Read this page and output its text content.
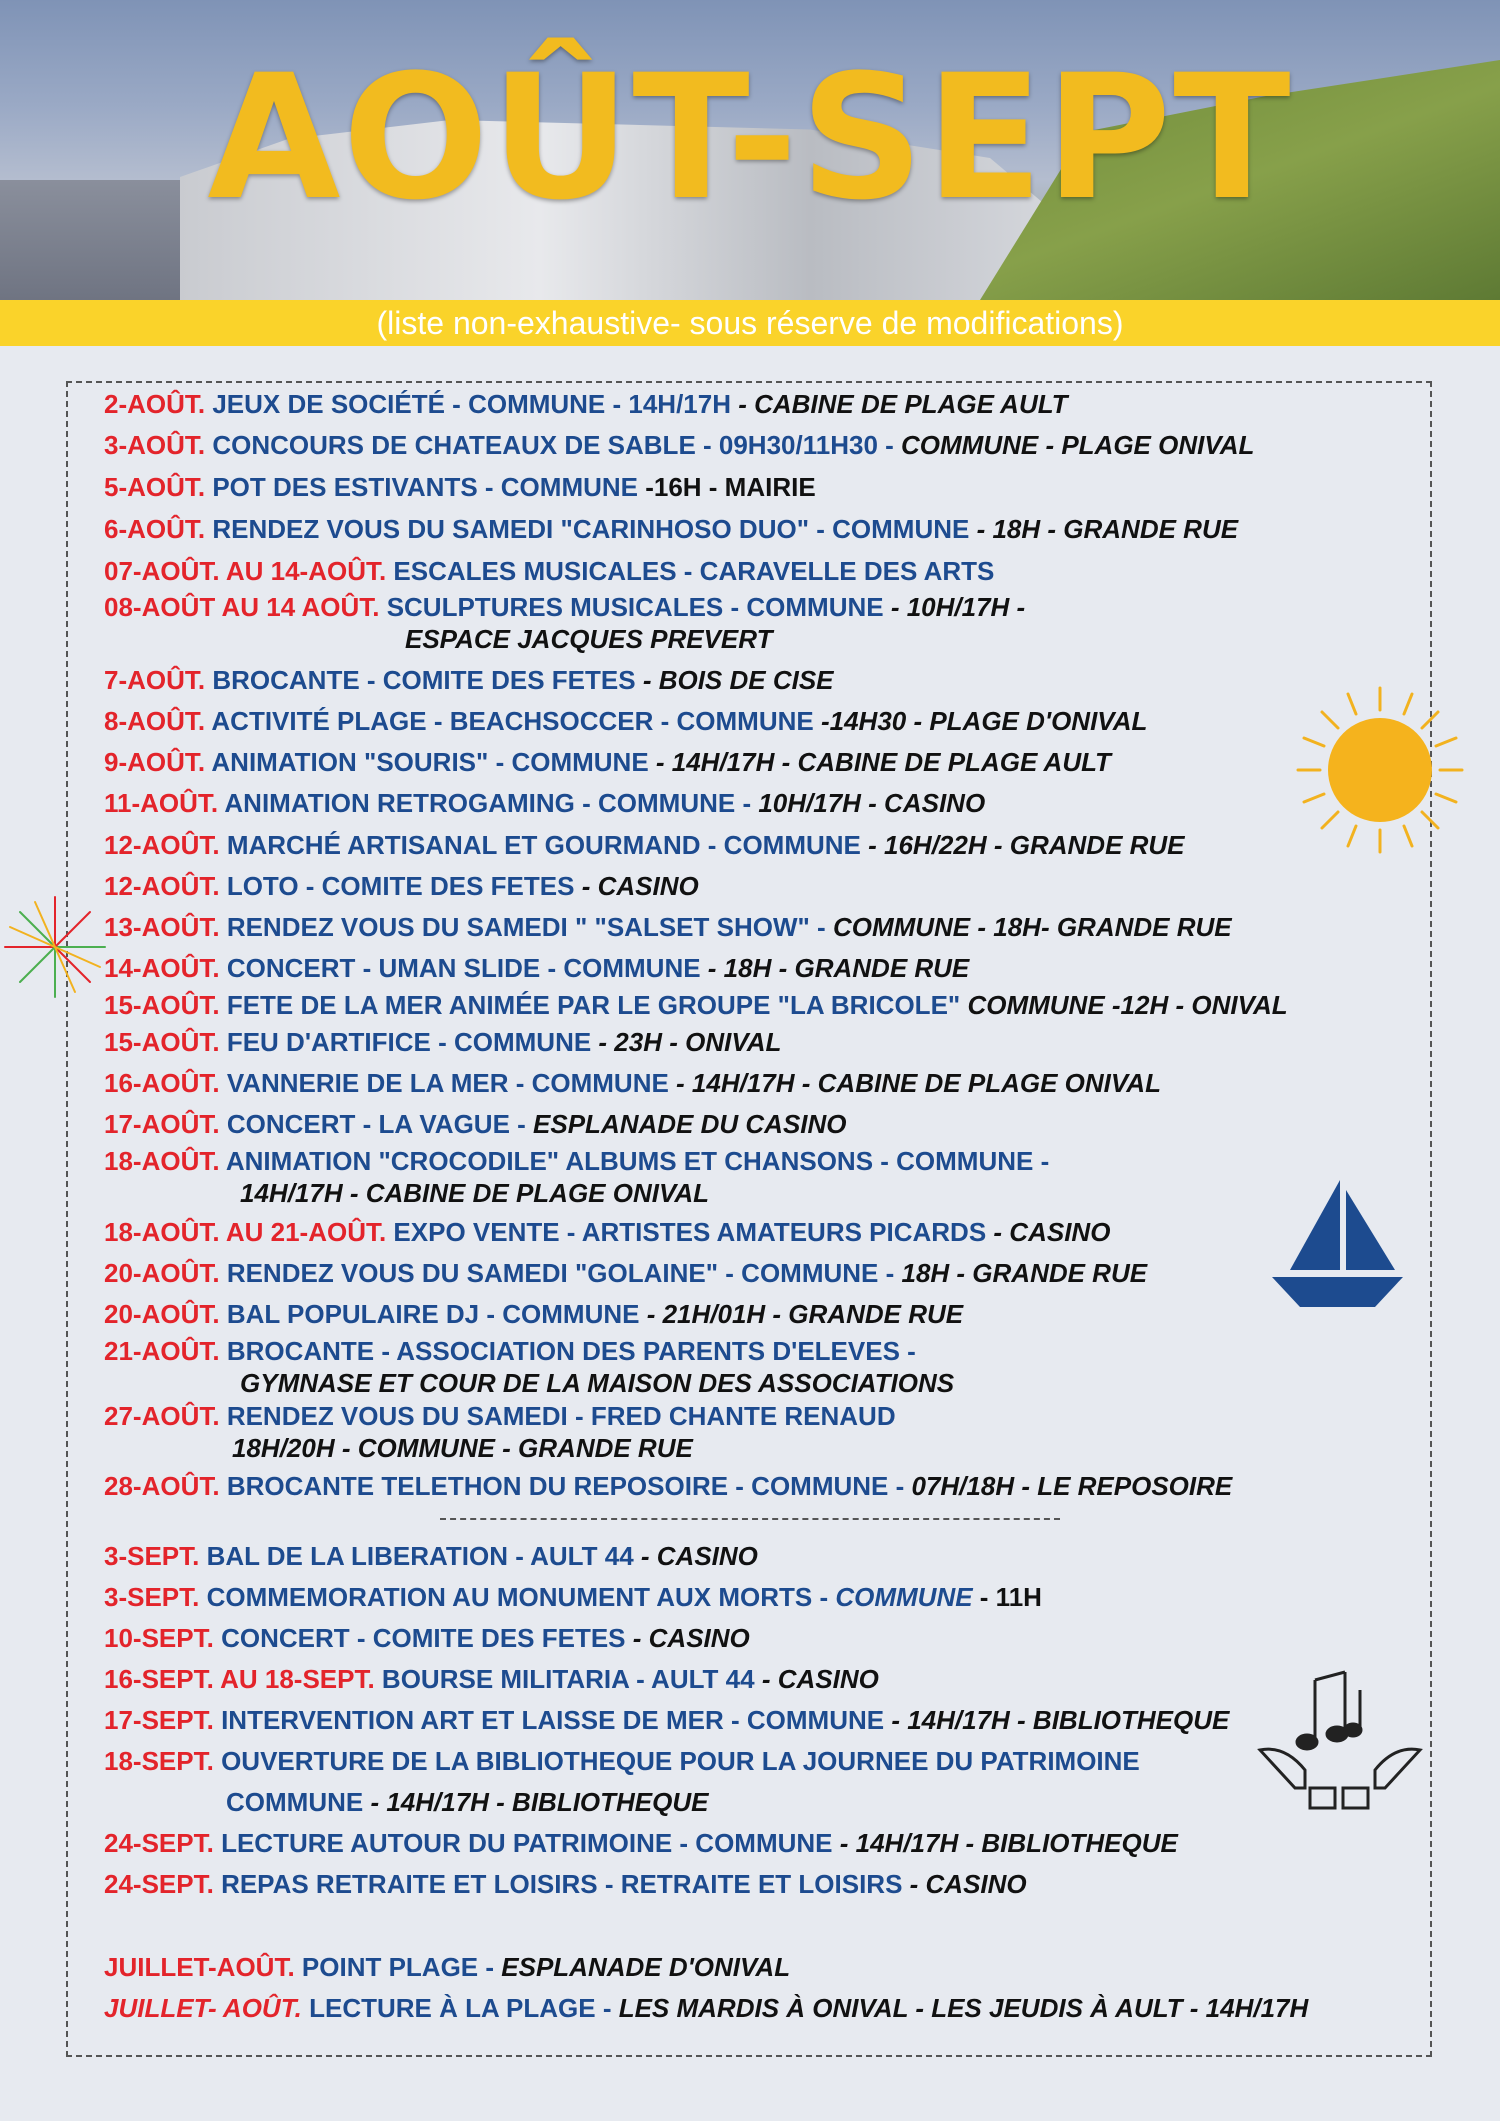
AOÛT-SEPT
(liste non-exhaustive- sous réserve de modifications)
2-AOÛT. JEUX DE SOCIÉTÉ - COMMUNE - 14H/17H - CABINE DE PLAGE AULT
3-AOÛT. CONCOURS DE CHATEAUX DE SABLE - 09H30/11H30 - COMMUNE - PLAGE ONIVAL
5-AOÛT. POT DES ESTIVANTS - COMMUNE -16H - MAIRIE
6-AOÛT. RENDEZ VOUS DU SAMEDI "CARINHOSO DUO" - COMMUNE - 18H - GRANDE RUE
07-AOÛT. AU 14-AOÛT. ESCALES MUSICALES - CARAVELLE DES ARTS
08-AOÛT AU 14 AOÛT. SCULPTURES MUSICALES - COMMUNE - 10H/17H -
ESPACE JACQUES PREVERT
7-AOÛT. BROCANTE - COMITE DES FETES - BOIS DE CISE
8-AOÛT. ACTIVITÉ PLAGE - BEACHSOCCER - COMMUNE -14H30 - PLAGE D'ONIVAL
9-AOÛT. ANIMATION "SOURIS" - COMMUNE - 14H/17H - CABINE DE PLAGE AULT
11-AOÛT. ANIMATION RETROGAMING - COMMUNE - 10H/17H - CASINO
12-AOÛT. MARCHÉ ARTISANAL ET GOURMAND - COMMUNE - 16H/22H - GRANDE RUE
12-AOÛT. LOTO - COMITE DES FETES - CASINO
13-AOÛT. RENDEZ VOUS DU SAMEDI " "SALSET SHOW" - COMMUNE - 18H- GRANDE RUE
14-AOÛT. CONCERT - UMAN SLIDE - COMMUNE - 18H - GRANDE RUE
15-AOÛT. FETE DE LA MER ANIMÉE PAR LE GROUPE "LA BRICOLE" COMMUNE -12H - ONIVAL
15-AOÛT. FEU D'ARTIFICE - COMMUNE - 23H - ONIVAL
16-AOÛT. VANNERIE DE LA MER - COMMUNE - 14H/17H - CABINE DE PLAGE ONIVAL
17-AOÛT. CONCERT - LA VAGUE - ESPLANADE DU CASINO
18-AOÛT. ANIMATION "CROCODILE" ALBUMS ET CHANSONS - COMMUNE -
14H/17H - CABINE DE PLAGE ONIVAL
18-AOÛT. AU 21-AOÛT. EXPO VENTE - ARTISTES AMATEURS PICARDS - CASINO
20-AOÛT. RENDEZ VOUS DU SAMEDI "GOLAINE" - COMMUNE - 18H - GRANDE RUE
20-AOÛT. BAL POPULAIRE DJ - COMMUNE - 21H/01H - GRANDE RUE
21-AOÛT. BROCANTE - ASSOCIATION DES PARENTS D'ELEVES -
GYMNASE ET COUR DE LA MAISON DES ASSOCIATIONS
27-AOÛT. RENDEZ VOUS DU SAMEDI - FRED CHANTE RENAUD
18H/20H - COMMUNE - GRANDE RUE
28-AOÛT. BROCANTE TELETHON DU REPOSOIRE - COMMUNE - 07H/18H - LE REPOSOIRE
3-SEPT. BAL DE LA LIBERATION - AULT 44 - CASINO
3-SEPT. COMMEMORATION AU MONUMENT AUX MORTS - COMMUNE - 11H
10-SEPT. CONCERT - COMITE DES FETES - CASINO
16-SEPT. AU 18-SEPT. BOURSE MILITARIA - AULT 44 - CASINO
17-SEPT. INTERVENTION ART ET LAISSE DE MER - COMMUNE - 14H/17H - BIBLIOTHEQUE
18-SEPT. OUVERTURE DE LA BIBLIOTHEQUE POUR LA JOURNEE DU PATRIMOINE
COMMUNE - 14H/17H - BIBLIOTHEQUE
24-SEPT. LECTURE AUTOUR DU PATRIMOINE - COMMUNE - 14H/17H - BIBLIOTHEQUE
24-SEPT. REPAS RETRAITE ET LOISIRS - RETRAITE ET LOISIRS - CASINO
JUILLET-AOÛT. POINT PLAGE - ESPLANADE D'ONIVAL
JUILLET- AOÛT. LECTURE À LA PLAGE - LES MARDIS À ONIVAL - LES JEUDIS À AULT - 14H/17H
